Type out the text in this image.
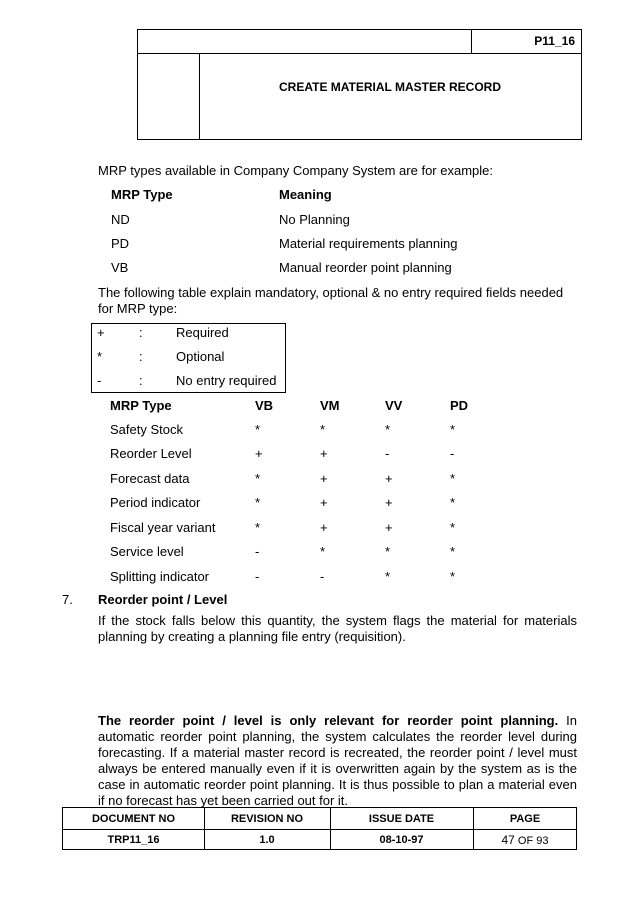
P11_16
CREATE MATERIAL MASTER RECORD
MRP types available in Company Company System are for example:
MRP Type	Meaning
ND	No Planning
PD	Material requirements planning
VB	Manual reorder point planning
The following table explain mandatory, optional & no entry required fields needed for MRP type:
+	:	Required
*	:	Optional
-	:	No entry required
MRP Type	VB	VM	VV	PD
Safety Stock	*	*	*	*
Reorder Level	+	+	-	-
Forecast data	*	+	+	*
Period indicator	*	+	+	*
Fiscal year variant	*	+	+	*
Service level	-	*	*	*
Splitting indicator	-	-	*	*
7. Reorder point / Level
If the stock falls below this quantity, the system flags the material for materials planning by creating a planning file entry (requisition).
The reorder point / level is only relevant for reorder point planning. In automatic reorder point planning, the system calculates the reorder level during forecasting. If a material master record is recreated, the reorder point / level must always be entered manually even if it is overwritten again by the system as is the case in automatic reorder point planning. It is thus possible to plan a material even if no forecast has yet been carried out for it.
DOCUMENT NO	REVISION NO	ISSUE DATE	PAGE
TRP11_16	1.0	08-10-97	47 OF 93
